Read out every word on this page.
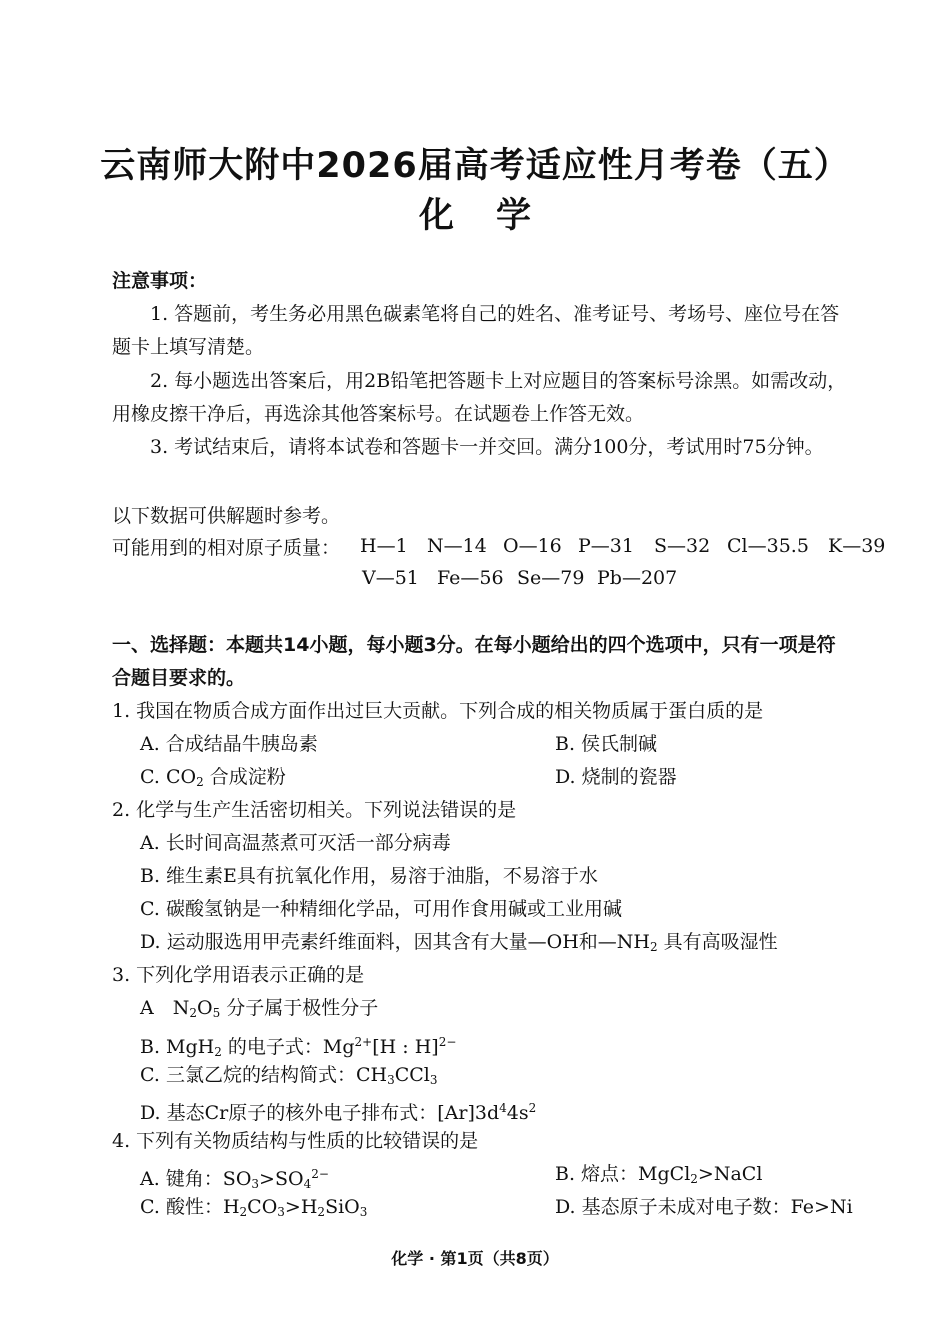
云南师大附中2026届高考适应性月考卷（五）
化学
注意事项：
1. 答题前，考生务必用黑色碳素笔将自己的姓名、准考证号、考场号、座位号在答
题卡上填写清楚。
2. 每小题选出答案后，用2B铅笔把答题卡上对应题目的答案标号涂黑。如需改动，
用橡皮擦干净后，再选涂其他答案标号。在试题卷上作答无效。
3. 考试结束后，请将本试卷和答题卡一并交回。满分100分，考试用时75分钟。
以下数据可供解题时参考。
可能用到的相对原子质量： H—1 N—14 O—16 P—31 S—32 Cl—35.5 K—39
V—51 Fe—56 Se—79 Pb—207
一、选择题：本题共14小题，每小题3分。在每小题给出的四个选项中，只有一项是符
合题目要求的。
1. 我国在物质合成方面作出过巨大贡献。下列合成的相关物质属于蛋白质的是
A. 合成结晶牛胰岛素	B. 侯氏制碱
C. $CO_2$ 合成淀粉	D. 烧制的瓷器
2. 化学与生产生活密切相关。下列说法错误的是
A. 长时间高温蒸煮可灭活一部分病毒
B. 维生素E具有抗氧化作用，易溶于油脂，不易溶于水
C. 碳酸氢钠是一种精细化学品，可用作食用碱或工业用碱
D. 运动服选用甲壳素纤维面料，因其含有大量—OH和$—NH_2$ 具有高吸湿性
3. 下列化学用语表示正确的是
A　$N_2O_5$ 分子属于极性分子
B. MgH$_2$ 的电子式：$Mg^{2+}[H$ : H]$^{2-}$
C. 三氯乙烷的结构简式：$CH_3CCl_3$
D. 基态Cr原子的核外电子排布式：$[Ar]3d^44s^2$
4. 下列有关物质结构与性质的比较错误的是
A. 键角：$SO_3>SO_4^{2-}$	B. 熔点：MgCl$_2$>NaCl
C. 酸性：$H_2CO_3>H_2SiO_3$	D. 基态原子未成对电子数：Fe>Ni
化学 · 第1页（共8页）
